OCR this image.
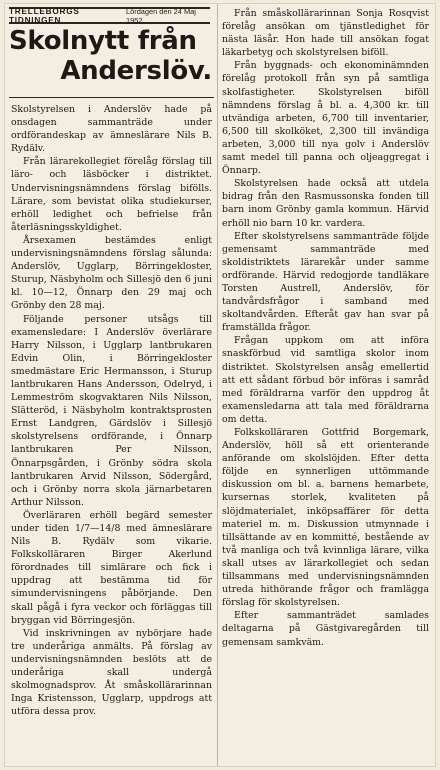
TRELLEBORGS TIDNINGEN
Lördagen den 24 Maj 1952.
Skolnytt från
Anderslöv.

Skolstyrelsen i Anderslöv hade på onsdagen sammanträde under ordförandeskap av ämneslärare Nils B. Rydälv.

Från lärarekollegiet förelåg förslag till läro- och läsböcker i distriktet. Undervisningsnämndens förslag bifölls. Lärare, som bevistat olika studiekurser, erhöll ledighet och befrielse från återläsningsskyldighet.

Årsexamen bestämdes enligt undervisningsnämndens förslag sålunda: Anderslöv, Ugglarp, Börringekloster, Sturup, Näsbyholm och Sillesjö den 6 juni kl. 10—12, Önnarp den 29 maj och Grönby den 28 maj.

Följande personer utsågs till examensledare: I Anderslöv överlärare Harry Nilsson, i Ugglarp lantbrukaren Edvin Olin, i Börringekloster smedmästare Eric Hermansson, i Sturup lantbrukaren Hans Andersson, Odelryd, i Lemmeström skogvaktaren Nils Nilsson, Slätteröd, i Näsbyholm kontraktsprosten Ernst Landgren, Gärdslöv i Sillesjö skolstyrelsens ordförande, i Önnarp lantbrukaren Per Nilsson, Önnarpsgården, i Grönby södra skola lantbrukaren Arvid Nilsson, Södergård, och i Grönby norra skola järnarbetaren Arthur Nilsson.

Överläraren erhöll begärd semester under tiden 1/7—14/8 med ämneslärare Nils B. Rydälv som vikarie. Folkskolläraren Birger Akerlund förordnades till simlärare och fick i uppdrag att bestämma tid för simundervisningens påbörjande. Den skall pågå i fyra veckor och förläggas till bryggan vid Börringesjön.

Vid inskrivningen av nybörjare hade tre underåriga anmälts. På förslag av undervisningsnämnden beslöts att de underåriga skall undergå skolmognadsprov. Åt småskollärarinnan Inga Kristensson, Ugglarp, uppdrogs att utföra dessa prov.

Från småskollärarinnan Sonja Rosqvist förelåg ansökan om tjänstledighet för nästa läsår. Hon hade till ansökan fogat läkarbetyg och skolstyrelsen biföll.

Från byggnads- och ekonominämnden förelåg protokoll från syn på samtliga skolfastigheter. Skolstyrelsen biföll nämndens förslag å bl. a. 4,300 kr. till utvändiga arbeten, 6,700 till inventarier, 6,500 till skolköket, 2,300 till invändiga arbeten, 3,000 till nya golv i Anderslöv samt medel till panna och oljeaggregat i Önnarp.

Skolstyrelsen hade också att utdela bidrag från den Rasmussonska fonden till barn inom Grönby gamla kommun. Härvid erhöll nio barn 10 kr. vardera.

Efter skolstyrelsens sammanträde följde gemensamt sammanträde med skoldistriktets lärarekår under samme ordförande. Härvid redogjorde tandläkare Torsten Austrell, Anderslöv, för tandvårdsfrågor i samband med skoltandvården. Efteråt gav han svar på framställda frågor.

Frågan uppkom om att införa snaskförbud vid samtliga skolor inom distriktet. Skolstyrelsen ansåg emellertid att ett sådant förbud bör införas i samråd med föräldrarna varför den uppdrog åt examensledarna att tala med föräldrarna om detta.

Folkskolläraren Gottfrid Borgemark, Anderslöv, höll så ett orienterande anförande om skolslöjden. Efter detta följde en synnerligen uttömmande diskussion om bl. a. barnens hemarbete, kursernas storlek, kvaliteten på slöjdmaterialet, inköpsaffärer för detta materiel m. m. Diskussion utmynnade i tillsättande av en kommitté, bestående av två manliga och två kvinnliga lärare, vilka skall utses av lärarkollegiet och sedan tillsammans med undervisningsnämnden utreda hithörande frågor och framlägga förslag för skolstyrelsen.

Efter sammanträdet samlades deltagarna på Gästgivaregården till gemensam samkväm.
